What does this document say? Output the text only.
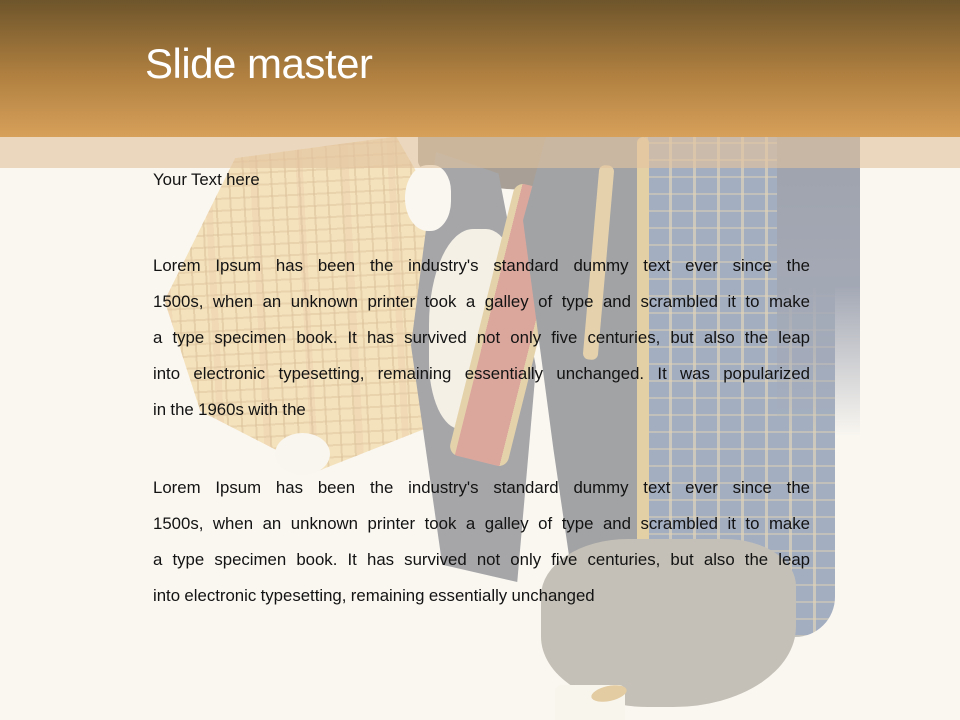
Slide master
Your Text here
Lorem Ipsum has been the industry's standard dummy text ever since the
1500s, when an unknown printer took a galley of type and scrambled it to make
a type specimen book. It has survived not only five centuries, but also the leap
into electronic typesetting, remaining essentially unchanged. It was popularized
in the 1960s with the
Lorem Ipsum has been the industry's standard dummy text ever since the
1500s, when an unknown printer took a galley of type and scrambled it to make
a type specimen book. It has survived not only five centuries, but also the leap
into electronic typesetting, remaining essentially unchanged
